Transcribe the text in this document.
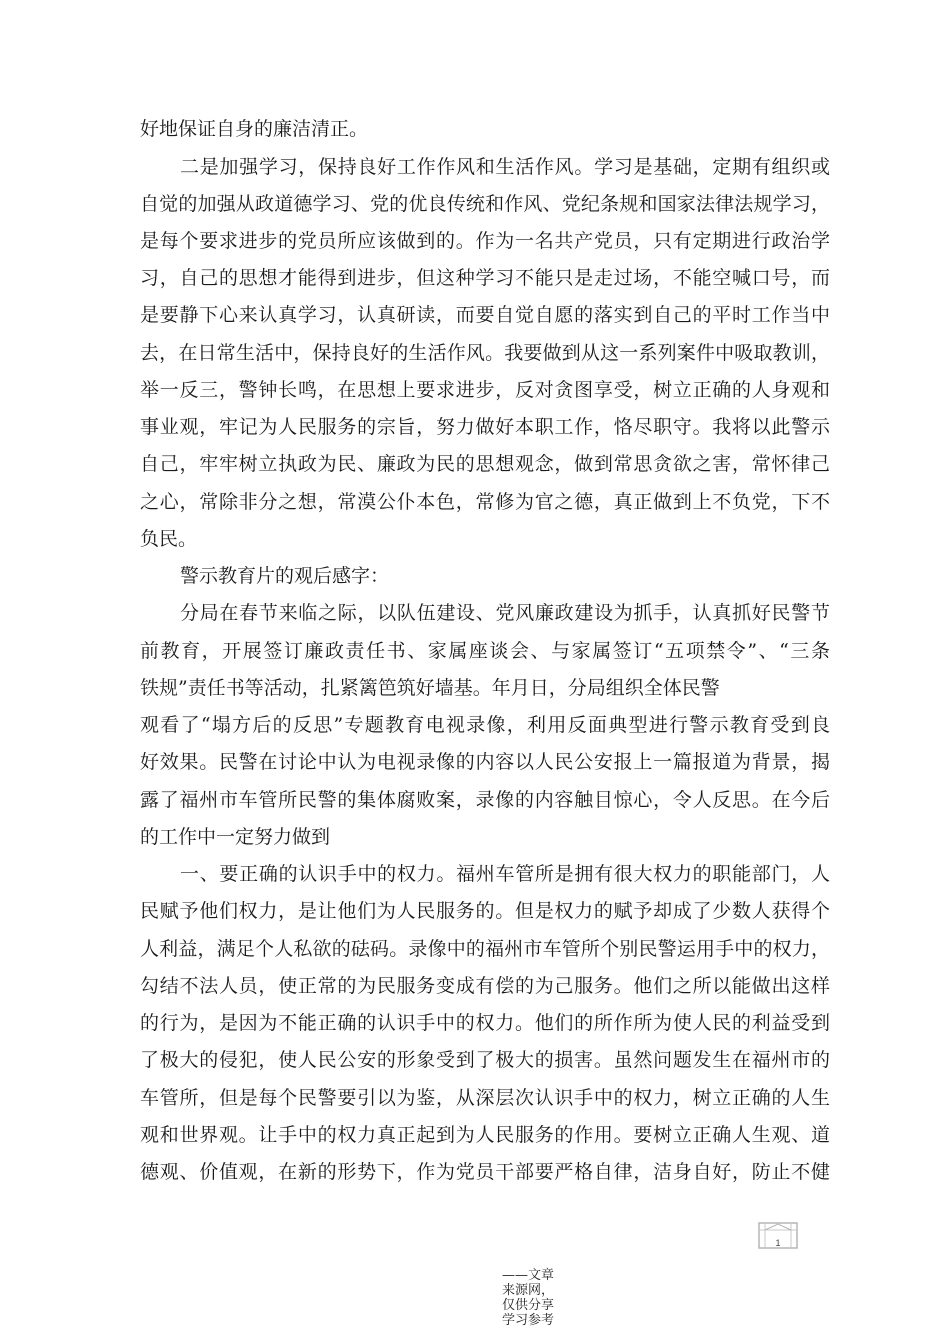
好地保证自身的廉洁清正。
二是加强学习，保持良好工作作风和生活作风。学习是基础，定期有组织或
自觉的加强从政道德学习、党的优良传统和作风、党纪条规和国家法律法规学习，
是每个要求进步的党员所应该做到的。作为一名共产党员，只有定期进行政治学
习，自己的思想才能得到进步，但这种学习不能只是走过场，不能空喊口号，而
是要静下心来认真学习，认真研读，而要自觉自愿的落实到自己的平时工作当中
去，在日常生活中，保持良好的生活作风。我要做到从这一系列案件中吸取教训，
举一反三，警钟长鸣，在思想上要求进步，反对贪图享受，树立正确的人身观和
事业观，牢记为人民服务的宗旨，努力做好本职工作，恪尽职守。我将以此警示
自己，牢牢树立执政为民、廉政为民的思想观念，做到常思贪欲之害，常怀律己
之心，常除非分之想，常漠公仆本色，常修为官之德，真正做到上不负党，下不
负民。
警示教育片的观后感字：
分局在春节来临之际，以队伍建设、党风廉政建设为抓手，认真抓好民警节
前教育，开展签订廉政责任书、家属座谈会、与家属签订“五项禁令”、“三条
铁规”责任书等活动，扎紧篱笆筑好墙基。年月日，分局组织全体民警
观看了“塌方后的反思”专题教育电视录像，利用反面典型进行警示教育受到良
好效果。民警在讨论中认为电视录像的内容以人民公安报上一篇报道为背景，揭
露了福州市车管所民警的集体腐败案，录像的内容触目惊心，令人反思。在今后
的工作中一定努力做到
一、要正确的认识手中的权力。福州车管所是拥有很大权力的职能部门，人
民赋予他们权力，是让他们为人民服务的。但是权力的赋予却成了少数人获得个
人利益，满足个人私欲的砝码。录像中的福州市车管所个别民警运用手中的权力，
勾结不法人员，使正常的为民服务变成有偿的为己服务。他们之所以能做出这样
的行为，是因为不能正确的认识手中的权力。他们的所作所为使人民的利益受到
了极大的侵犯，使人民公安的形象受到了极大的损害。虽然问题发生在福州市的
车管所，但是每个民警要引以为鉴，从深层次认识手中的权力，树立正确的人生
观和世界观。让手中的权力真正起到为人民服务的作用。要树立正确人生观、道
德观、价值观，在新的形势下，作为党员干部要严格自律，洁身自好，防止不健
1
——文章来源网，仅供分享学习参考
